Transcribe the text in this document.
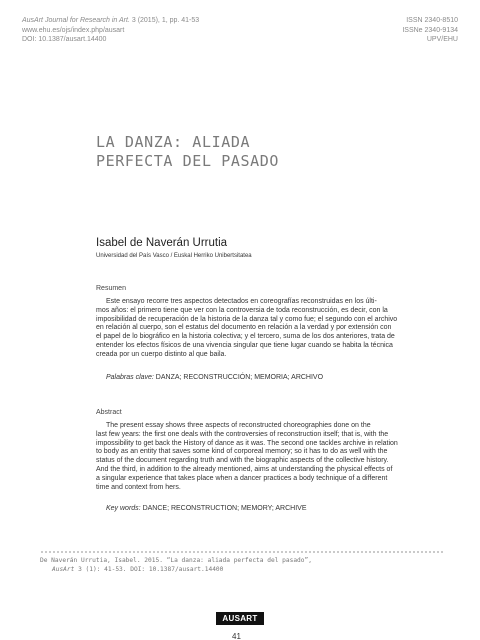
AusArt Journal for Research in Art. 3 (2015), 1, pp. 41-53
www.ehu.es/ojs/index.php/ausart
DOI: 10.1387/ausart.14400
ISSN 2340-8510
ISSNe 2340-9134
UPV/EHU
LA DANZA: ALIADA
PERFECTA DEL PASADO
Isabel de Naverán Urrutia
Universidad del País Vasco / Euskal Herriko Unibertsitatea
Resumen
Este ensayo recorre tres aspectos detectados en coreografías reconstruidas en los últi-
mos años: el primero tiene que ver con la controversia de toda reconstrucción, es decir, con la
imposibilidad de recuperación de la historia de la danza tal y como fue; el segundo con el archivo
en relación al cuerpo, son el estatus del documento en relación a la verdad y por extensión con
el papel de lo biográfico en la historia colectiva; y el tercero, suma de los dos anteriores, trata de
entender los efectos físicos de una vivencia singular que tiene lugar cuando se habita la técnica
creada por un cuerpo distinto al que baila.
Palabras clave: DANZA; RECONSTRUCCIÓN; MEMORIA; ARCHIVO
Abstract
The present essay shows three aspects of reconstructed choreographies done on the
last few years: the first one deals with the controversies of reconstruction itself; that is, with the
impossibility to get back the History of dance as it was. The second one tackles archive in relation
to body as an entity that saves some kind of corporeal memory; so it has to do as well with the
status of the document regarding truth and with the biographic aspects of the collective history.
And the third, in addition to the already mentioned, aims at understanding the physical effects of
a singular experience that takes place when a dancer practices a body technique of a different
time and context from hers.
Key words: DANCE; RECONSTRUCTION; MEMORY; ARCHIVE
De Naverán Urrutia, Isabel. 2015. “La danza: aliada perfecta del pasado”,
AusArt 3 (1): 41-53. DOI: 10.1387/ausart.14400
AUSART
41
